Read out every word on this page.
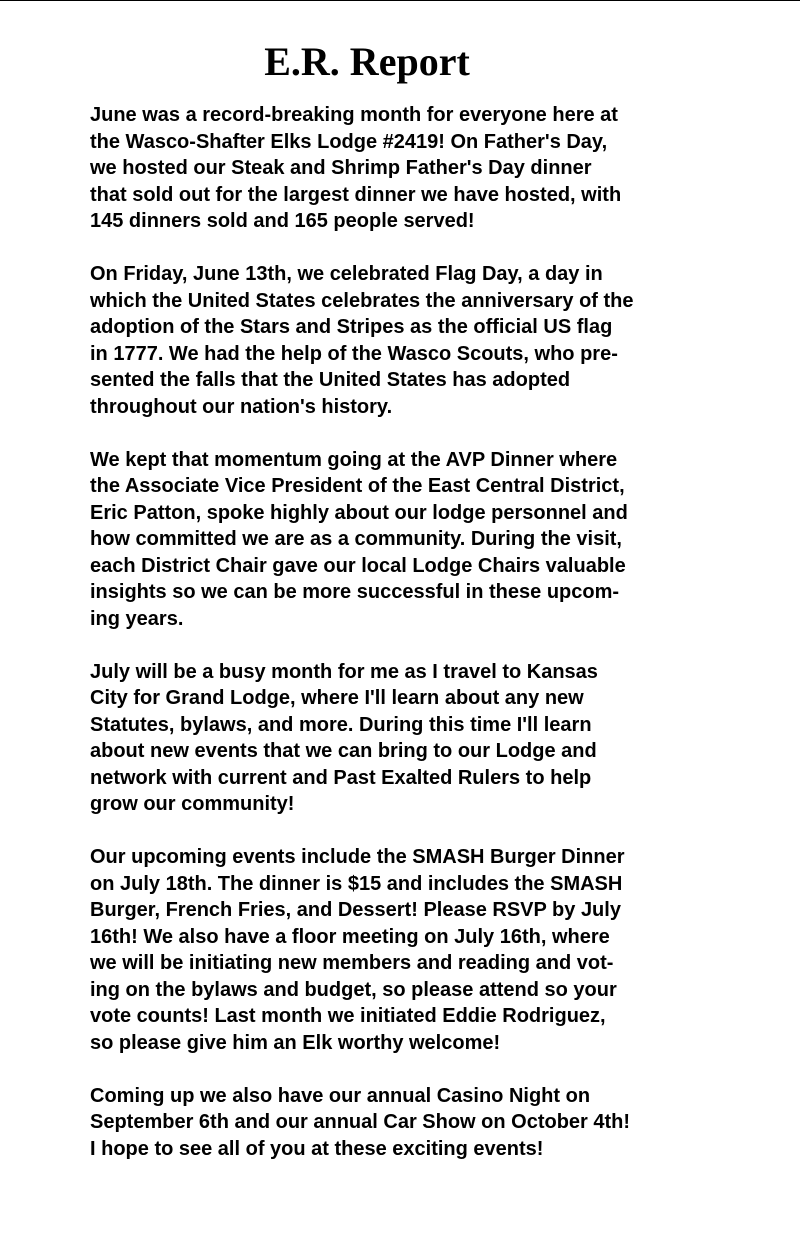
E.R. Report

June was a record-breaking month for everyone here at
the Wasco-Shafter Elks Lodge #2419! On Father's Day,
we hosted our Steak and Shrimp Father's Day dinner
that sold out for the largest dinner we have hosted, with
145 dinners sold and 165 people served!

On Friday, June 13th, we celebrated Flag Day, a day in
which the United States celebrates the anniversary of the
adoption of the Stars and Stripes as the official US flag
in 1777. We had the help of the Wasco Scouts, who pre-
sented the falls that the United States has adopted
throughout our nation's history.

We kept that momentum going at the AVP Dinner where
the Associate Vice President of the East Central District,
Eric Patton, spoke highly about our lodge personnel and
how committed we are as a community. During the visit,
each District Chair gave our local Lodge Chairs valuable
insights so we can be more successful in these upcom-
ing years.

July will be a busy month for me as I travel to Kansas
City for Grand Lodge, where I'll learn about any new
Statutes, bylaws, and more. During this time I'll learn
about new events that we can bring to our Lodge and
network with current and Past Exalted Rulers to help
grow our community!

Our upcoming events include the SMASH Burger Dinner
on July 18th. The dinner is $15 and includes the SMASH
Burger, French Fries, and Dessert! Please RSVP by July
16th! We also have a floor meeting on July 16th, where
we will be initiating new members and reading and vot-
ing on the bylaws and budget, so please attend so your
vote counts! Last month we initiated Eddie Rodriguez,
so please give him an Elk worthy welcome!

Coming up we also have our annual Casino Night on
September 6th and our annual Car Show on October 4th!
I hope to see all of you at these exciting events!
